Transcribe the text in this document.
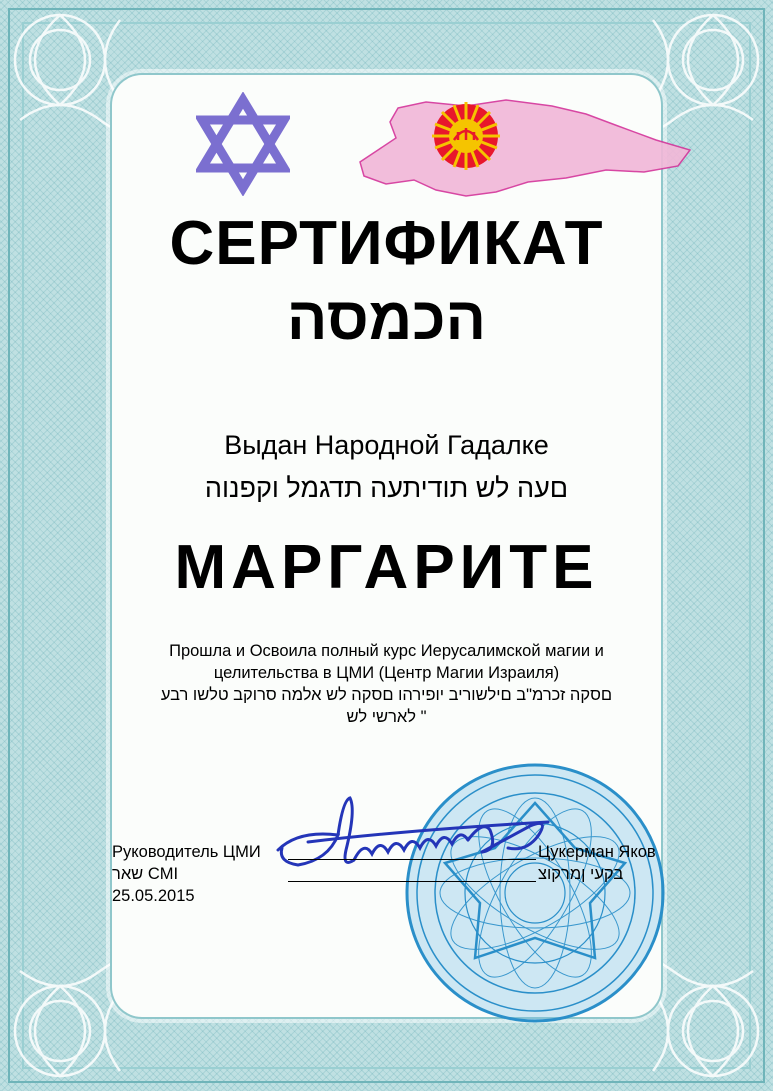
СЕРТИФИКАТ
הכמסה
Выдан Народной Гадалке
םעה לש תודיתעה תדגמל וקפנוה
МАРГАРИТЕ
Прошла и Освоила полный курс Иерусалимской магии и
целительства в ЦМИ (Центр Магии Израиля)
םסקה זכרמ"ב םילשוריב יופירהו םסקה לש אלמה סרוקב טלשו רבע
" לארשי לש
Руководитель ЦМИ
שאר CMI
25.05.2015
Цукерман Яков
בקעי ןמרקוצ
